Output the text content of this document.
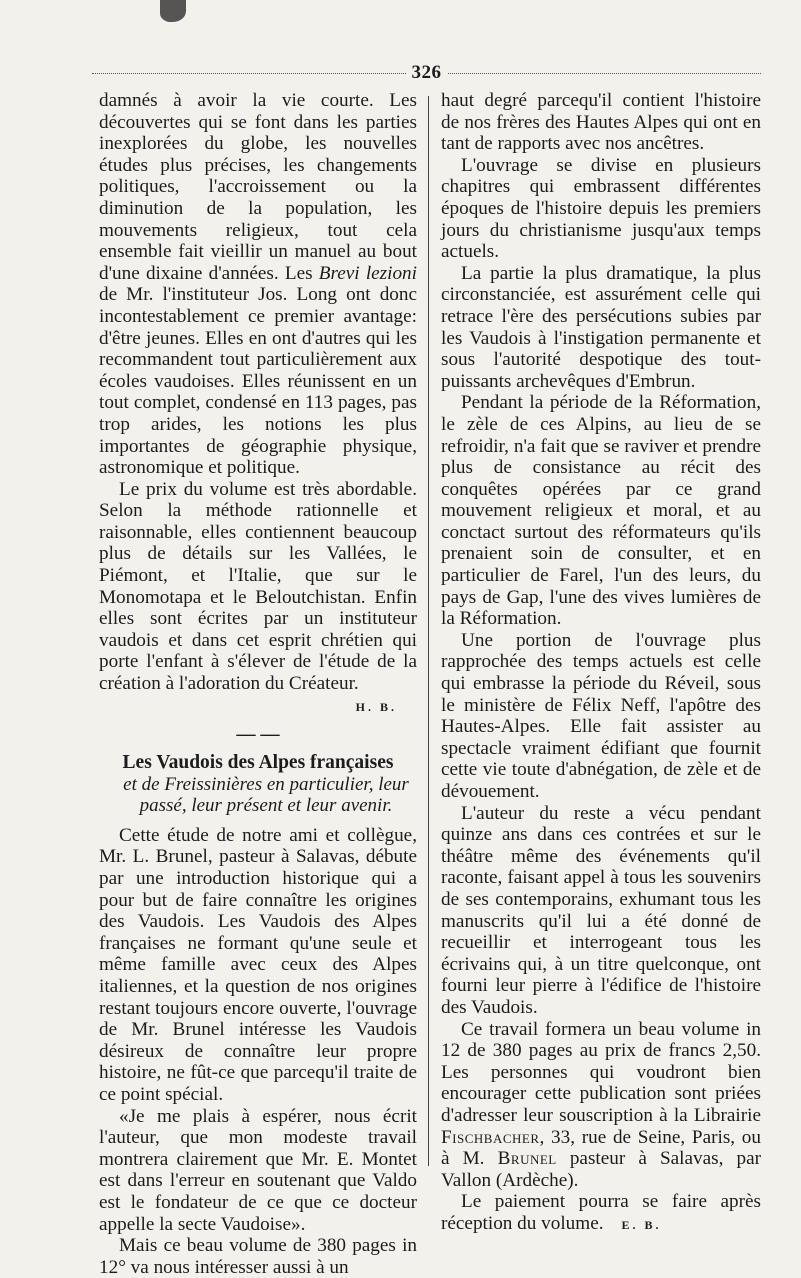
326

damnés à avoir la vie courte. Les découvertes qui se font dans les parties inexplorées du globe, les nouvelles études plus précises, les changements politiques, l'accroissement ou la diminution de la population, les mouvements religieux, tout cela ensemble fait vieillir un manuel au bout d'une dixaine d'années. Les Brevi lezioni de Mr. l'instituteur Jos. Long ont donc incontestablement ce premier avantage: d'être jeunes. Elles en ont d'autres qui les recommandent tout particulièrement aux écoles vaudoises. Elles réunissent en un tout complet, condensé en 113 pages, pas trop arides, les notions les plus importantes de géographie physique, astronomique et politique.

Le prix du volume est très abordable. Selon la méthode rationnelle et raisonnable, elles contiennent beaucoup plus de détails sur les Vallées, le Piémont, et l'Italie, que sur le Monomotapa et le Beloutchistan. Enfin elles sont écrites par un instituteur vaudois et dans cet esprit chrétien qui porte l'enfant à s'élever de l'étude de la création à l'adoration du Créateur.

H. B.
— —
Les Vaudois des Alpes françaises
et de Freissinières en particulier, leur passé, leur présent et leur avenir.

Cette étude de notre ami et collègue, Mr. L. Brunel, pasteur à Salavas, débute par une introduction historique qui a pour but de faire connaître les origines des Vaudois. Les Vaudois des Alpes françaises ne formant qu'une seule et même famille avec ceux des Alpes italiennes, et la question de nos origines restant toujours encore ouverte, l'ouvrage de Mr. Brunel intéresse les Vaudois désireux de connaître leur propre histoire, ne fût-ce que parcequ'il traite de ce point spécial.

«Je me plais à espérer, nous écrit l'auteur, que mon modeste travail montrera clairement que Mr. E. Montet est dans l'erreur en soutenant que Valdo est le fondateur de ce que ce docteur appelle la secte Vaudoise».

Mais ce beau volume de 380 pages in 12° va nous intéresser aussi à un

haut degré parcequ'il contient l'histoire de nos frères des Hautes Alpes qui ont en tant de rapports avec nos ancêtres.

L'ouvrage se divise en plusieurs chapitres qui embrassent différentes époques de l'histoire depuis les premiers jours du christianisme jusqu'aux temps actuels.

La partie la plus dramatique, la plus circonstanciée, est assurément celle qui retrace l'ère des persécutions subies par les Vaudois à l'instigation permanente et sous l'autorité despotique des tout-puissants archevêques d'Embrun.

Pendant la période de la Réformation, le zèle de ces Alpins, au lieu de se refroidir, n'a fait que se raviver et prendre plus de consistance au récit des conquêtes opérées par ce grand mouvement religieux et moral, et au conctact surtout des réformateurs qu'ils prenaient soin de consulter, et en particulier de Farel, l'un des leurs, du pays de Gap, l'une des vives lumières de la Réformation.

Une portion de l'ouvrage plus rapprochée des temps actuels est celle qui embrasse la période du Réveil, sous le ministère de Félix Neff, l'apôtre des Hautes-Alpes. Elle fait assister au spectacle vraiment édifiant que fournit cette vie toute d'abnégation, de zèle et de dévouement.

L'auteur du reste a vécu pendant quinze ans dans ces contrées et sur le théâtre même des événements qu'il raconte, faisant appel à tous les souvenirs de ses contemporains, exhumant tous les manuscrits qu'il lui a été donné de recueillir et interrogeant tous les écrivains qui, à un titre quelconque, ont fourni leur pierre à l'édifice de l'histoire des Vaudois.

Ce travail formera un beau volume in 12 de 380 pages au prix de francs 2,50. Les personnes qui voudront bien encourager cette publication sont priées d'adresser leur souscription à la Librairie Fischbacher, 33, rue de Seine, Paris, ou à M. Brunel pasteur à Salavas, par Vallon (Ardèche).

Le paiement pourra se faire après réception du volume. E. B.
